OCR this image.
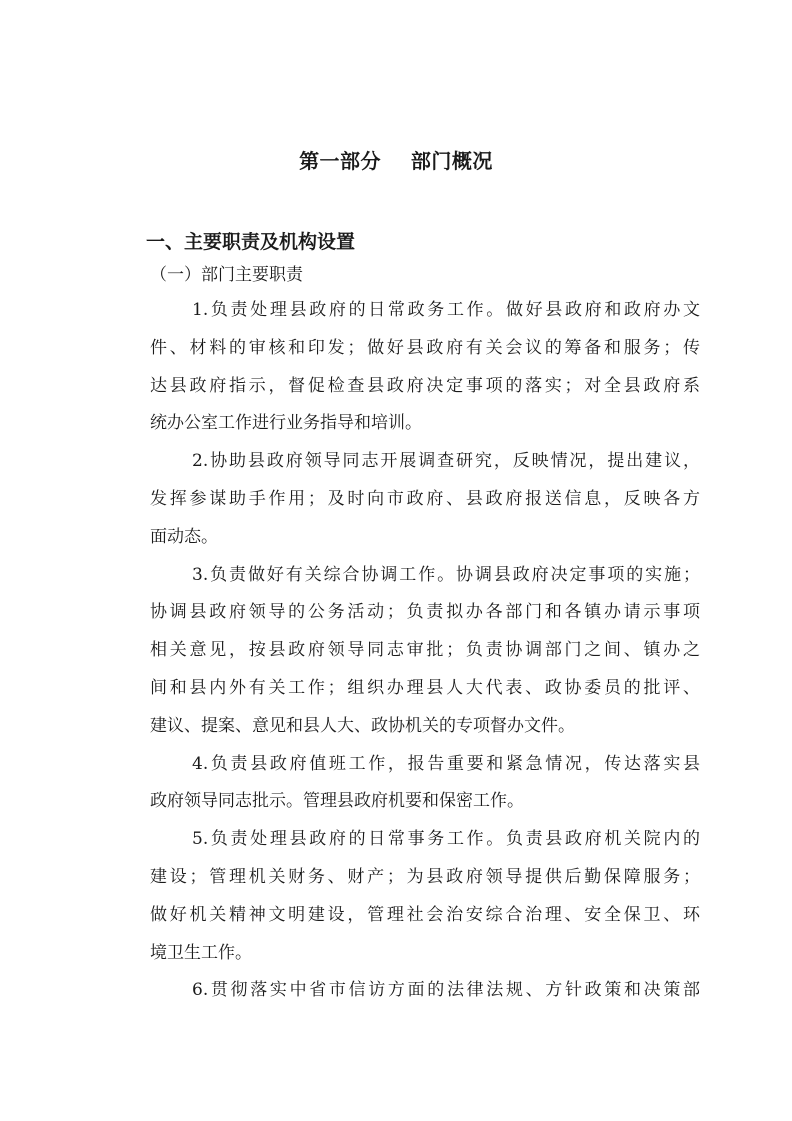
第一部分    部门概况
一、主要职责及机构设置
（一）部门主要职责
1.负责处理县政府的日常政务工作。做好县政府和政府办文
件、材料的审核和印发；做好县政府有关会议的筹备和服务；传
达县政府指示，督促检查县政府决定事项的落实；对全县政府系
统办公室工作进行业务指导和培训。
2.协助县政府领导同志开展调查研究，反映情况，提出建议，
发挥参谋助手作用；及时向市政府、县政府报送信息，反映各方
面动态。
3.负责做好有关综合协调工作。协调县政府决定事项的实施；
协调县政府领导的公务活动；负责拟办各部门和各镇办请示事项
相关意见，按县政府领导同志审批；负责协调部门之间、镇办之
间和县内外有关工作；组织办理县人大代表、政协委员的批评、
建议、提案、意见和县人大、政协机关的专项督办文件。
4.负责县政府值班工作，报告重要和紧急情况，传达落实县
政府领导同志批示。管理县政府机要和保密工作。
5.负责处理县政府的日常事务工作。负责县政府机关院内的
建设；管理机关财务、财产；为县政府领导提供后勤保障服务；
做好机关精神文明建设，管理社会治安综合治理、安全保卫、环
境卫生工作。
6.贯彻落实中省市信访方面的法律法规、方针政策和决策部
